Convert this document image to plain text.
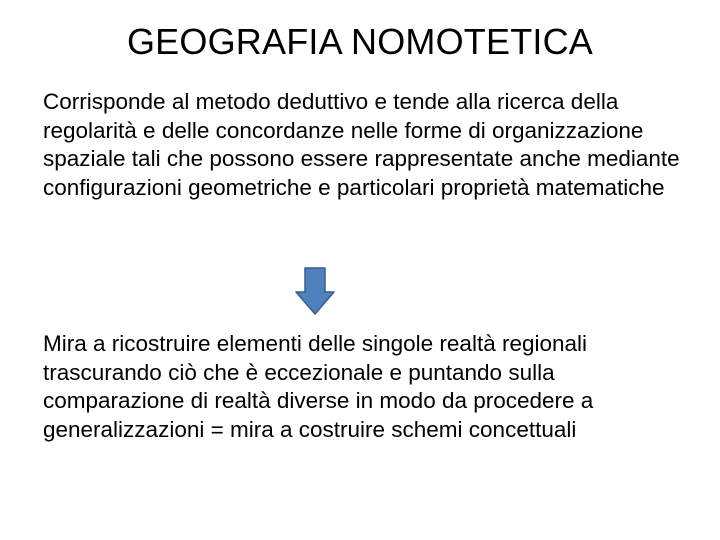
GEOGRAFIA NOMOTETICA

Corrisponde al metodo deduttivo e tende alla ricerca della regolarità e delle concordanze nelle forme di organizzazione spaziale tali che possono essere rappresentate anche mediante configurazioni geometriche e particolari proprietà matematiche

Mira a ricostruire elementi delle singole realtà regionali trascurando ciò che è eccezionale e puntando sulla comparazione di realtà diverse in modo da procedere a generalizzazioni = mira a costruire schemi concettuali
